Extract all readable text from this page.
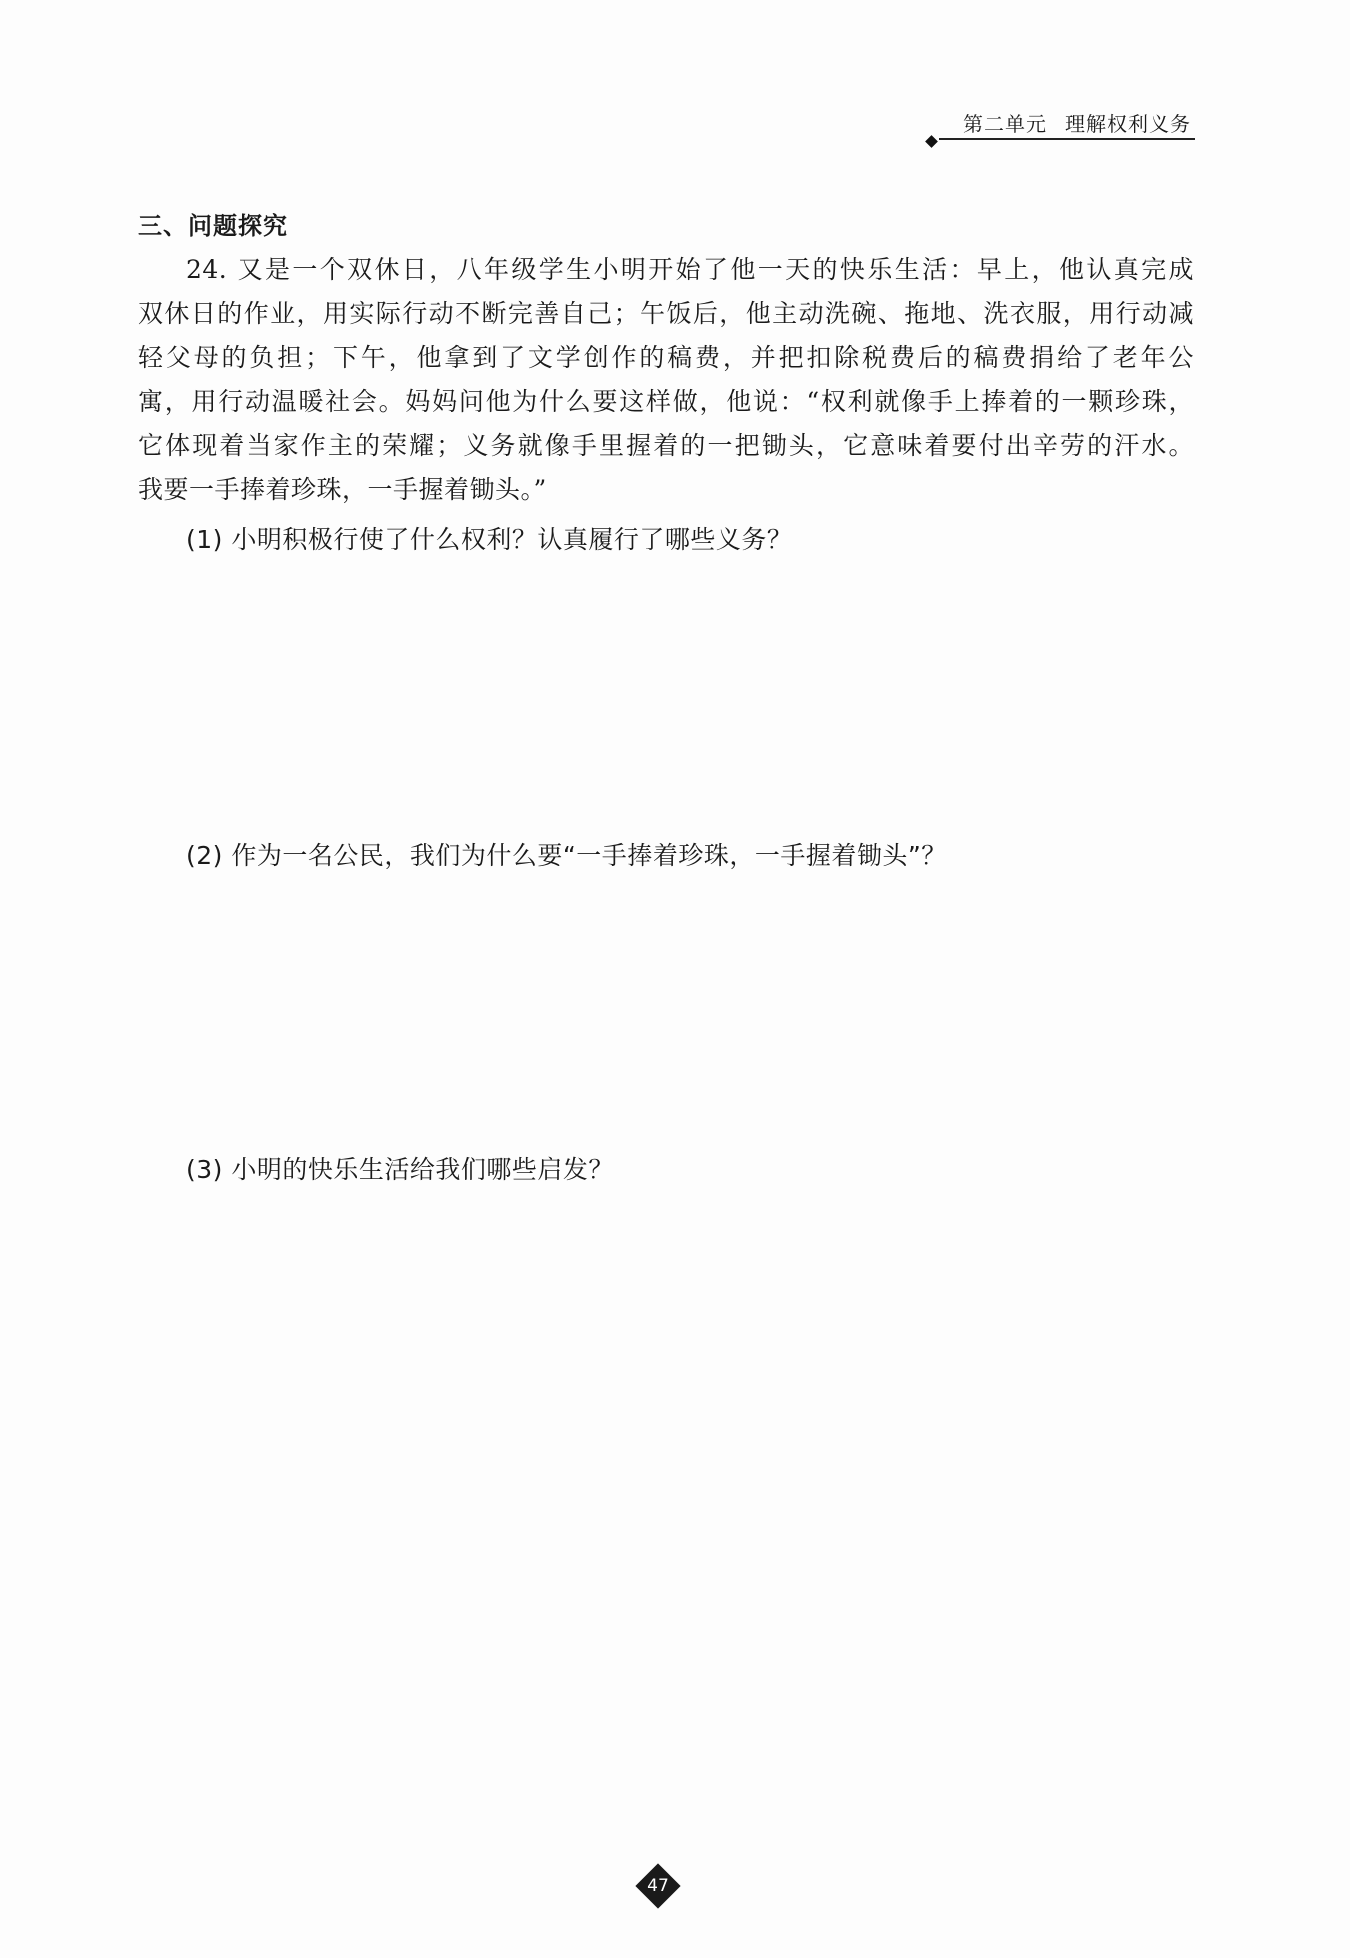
第二单元 理解权利义务
三、问题探究
24. 又是一个双休日，八年级学生小明开始了他一天的快乐生活：早上，他认真完成
双休日的作业，用实际行动不断完善自己；午饭后，他主动洗碗、拖地、洗衣服，用行动减
轻父母的负担；下午，他拿到了文学创作的稿费，并把扣除税费后的稿费捐给了老年公
寓，用行动温暖社会。妈妈问他为什么要这样做，他说：“权利就像手上捧着的一颗珍珠，
它体现着当家作主的荣耀；义务就像手里握着的一把锄头，它意味着要付出辛劳的汗水。
我要一手捧着珍珠，一手握着锄头。”
(1) 小明积极行使了什么权利？认真履行了哪些义务？
(2) 作为一名公民，我们为什么要“一手捧着珍珠，一手握着锄头”？
(3) 小明的快乐生活给我们哪些启发？
47
